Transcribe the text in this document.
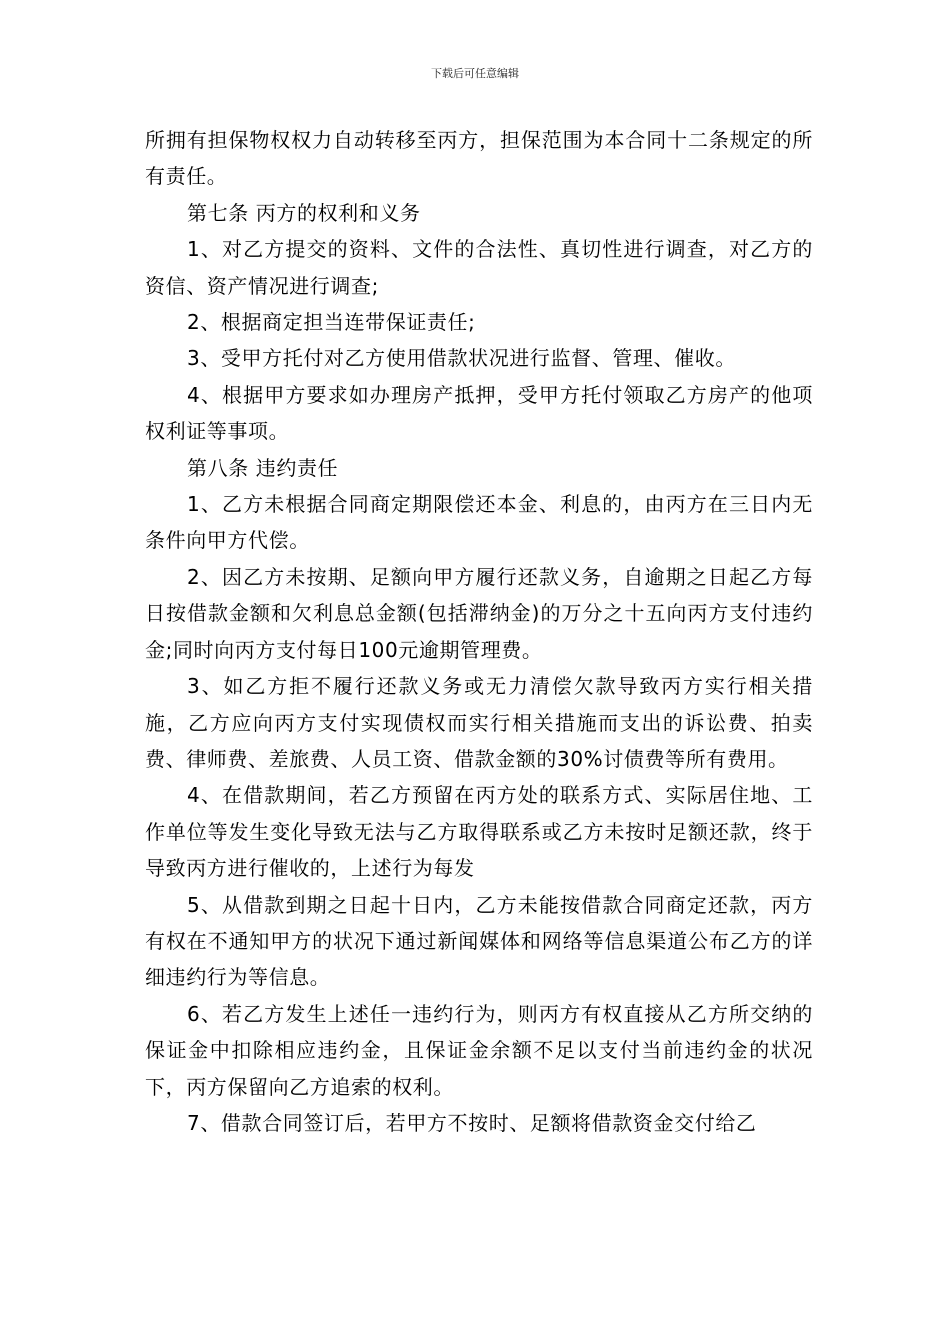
下载后可任意编辑

所拥有担保物权权力自动转移至丙方，担保范围为本合同十二条规定的所有责任。

第七条 丙方的权利和义务

1、对乙方提交的资料、文件的合法性、真切性进行调查，对乙方的资信、资产情况进行调查;

2、根据商定担当连带保证责任;

3、受甲方托付对乙方使用借款状况进行监督、管理、催收。

4、根据甲方要求如办理房产抵押，受甲方托付领取乙方房产的他项权利证等事项。

第八条 违约责任

1、乙方未根据合同商定期限偿还本金、利息的，由丙方在三日内无条件向甲方代偿。

2、因乙方未按期、足额向甲方履行还款义务，自逾期之日起乙方每日按借款金额和欠利息总金额(包括滞纳金)的万分之十五向丙方支付违约金;同时向丙方支付每日100元逾期管理费。

3、如乙方拒不履行还款义务或无力清偿欠款导致丙方实行相关措施，乙方应向丙方支付实现债权而实行相关措施而支出的诉讼费、拍卖费、律师费、差旅费、人员工资、借款金额的30%讨债费等所有费用。

4、在借款期间，若乙方预留在丙方处的联系方式、实际居住地、工作单位等发生变化导致无法与乙方取得联系或乙方未按时足额还款，终于导致丙方进行催收的，上述行为每发

5、从借款到期之日起十日内，乙方未能按借款合同商定还款，丙方有权在不通知甲方的状况下通过新闻媒体和网络等信息渠道公布乙方的详细违约行为等信息。

6、若乙方发生上述任一违约行为，则丙方有权直接从乙方所交纳的保证金中扣除相应违约金，且保证金余额不足以支付当前违约金的状况下，丙方保留向乙方追索的权利。

7、借款合同签订后，若甲方不按时、足额将借款资金交付给乙
